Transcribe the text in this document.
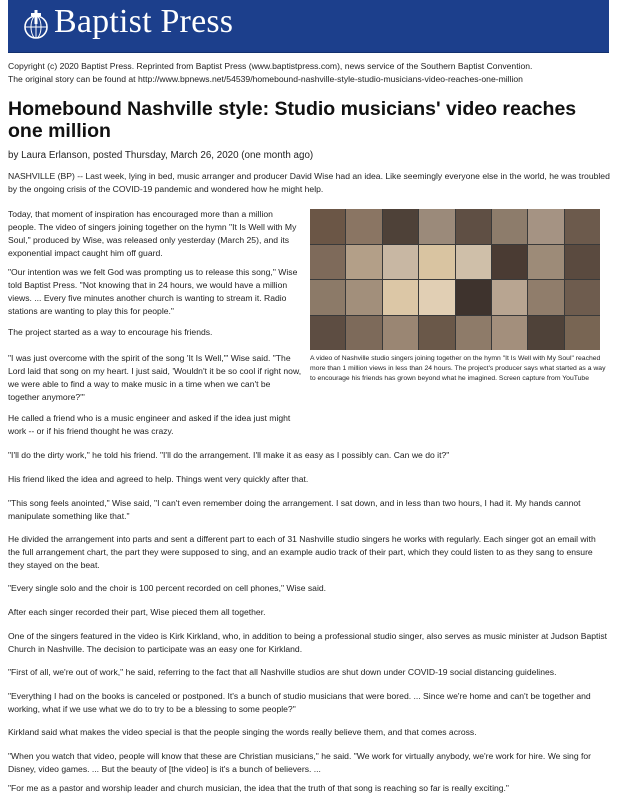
Baptist Press
Copyright (c) 2020 Baptist Press. Reprinted from Baptist Press (www.baptistpress.com), news service of the Southern Baptist Convention.
The original story can be found at http://www.bpnews.net/54539/homebound-nashville-style-studio-musicians-video-reaches-one-million
Homebound Nashville style: Studio musicians' video reaches one million
by Laura Erlanson, posted Thursday, March 26, 2020 (one month ago)

NASHVILLE (BP) -- Last week, lying in bed, music arranger and producer David Wise had an idea. Like seemingly everyone else in the world, he was troubled by the ongoing crisis of the COVID-19 pandemic and wondered how he might help.

Today, that moment of inspiration has encouraged more than a million people. The video of singers joining together on the hymn "It Is Well with My Soul," produced by Wise, was released only yesterday (March 25), and its exponential impact caught him off guard.

"Our intention was we felt God was prompting us to release this song," Wise told Baptist Press. "Not knowing that in 24 hours, we would have a million views. ... Every five minutes another church is wanting to stream it. Radio stations are wanting to play this for people."

The project started as a way to encourage his friends.

"I was just overcome with the spirit of the song 'It Is Well,'" Wise said. "The Lord laid that song on my heart. I just said, 'Wouldn't it be so cool if right now, we were able to find a way to make music in a time when we can't be together anymore?'"

He called a friend who is a music engineer and asked if the idea just might work -- or if his friend thought he was crazy.

"I'll do the dirty work," he told his friend. "I'll do the arrangement. I'll make it as easy as I possibly can. Can we do it?"

His friend liked the idea and agreed to help. Things went very quickly after that.

"This song feels anointed," Wise said, "I can't even remember doing the arrangement. I sat down, and in less than two hours, I had it. My hands cannot manipulate something like that."

He divided the arrangement into parts and sent a different part to each of 31 Nashville studio singers he works with regularly. Each singer got an email with the full arrangement chart, the part they were supposed to sing, and an example audio track of their part, which they could listen to as they sang to ensure they stayed on the beat.

"Every single solo and the choir is 100 percent recorded on cell phones," Wise said.

After each singer recorded their part, Wise pieced them all together.

One of the singers featured in the video is Kirk Kirkland, who, in addition to being a professional studio singer, also serves as music minister at Judson Baptist Church in Nashville. The decision to participate was an easy one for Kirkland.

"First of all, we're out of work," he said, referring to the fact that all Nashville studios are shut down under COVID-19 social distancing guidelines.

"Everything I had on the books is canceled or postponed. It's a bunch of studio musicians that were bored. ... Since we're home and can't be together and working, what if we use what we do to try to be a blessing to some people?"

Kirkland said what makes the video special is that the people singing the words really believe them, and that comes across.

"When you watch that video, people will know that these are Christian musicians," he said. "We work for virtually anybody, we're work for hire. We sing for Disney, video games. ... But the beauty of [the video] is it's a bunch of believers. ...

"For me as a pastor and worship leader and church musician, the idea that the truth of that song is reaching so far is really exciting."

A video of Nashville studio singers joining together on the hymn "It Is Well with My Soul" reached more than 1 million views in less than 24 hours. The project's producer says what started as a way to encourage his friends has grown beyond what he imagined. Screen capture from YouTube
